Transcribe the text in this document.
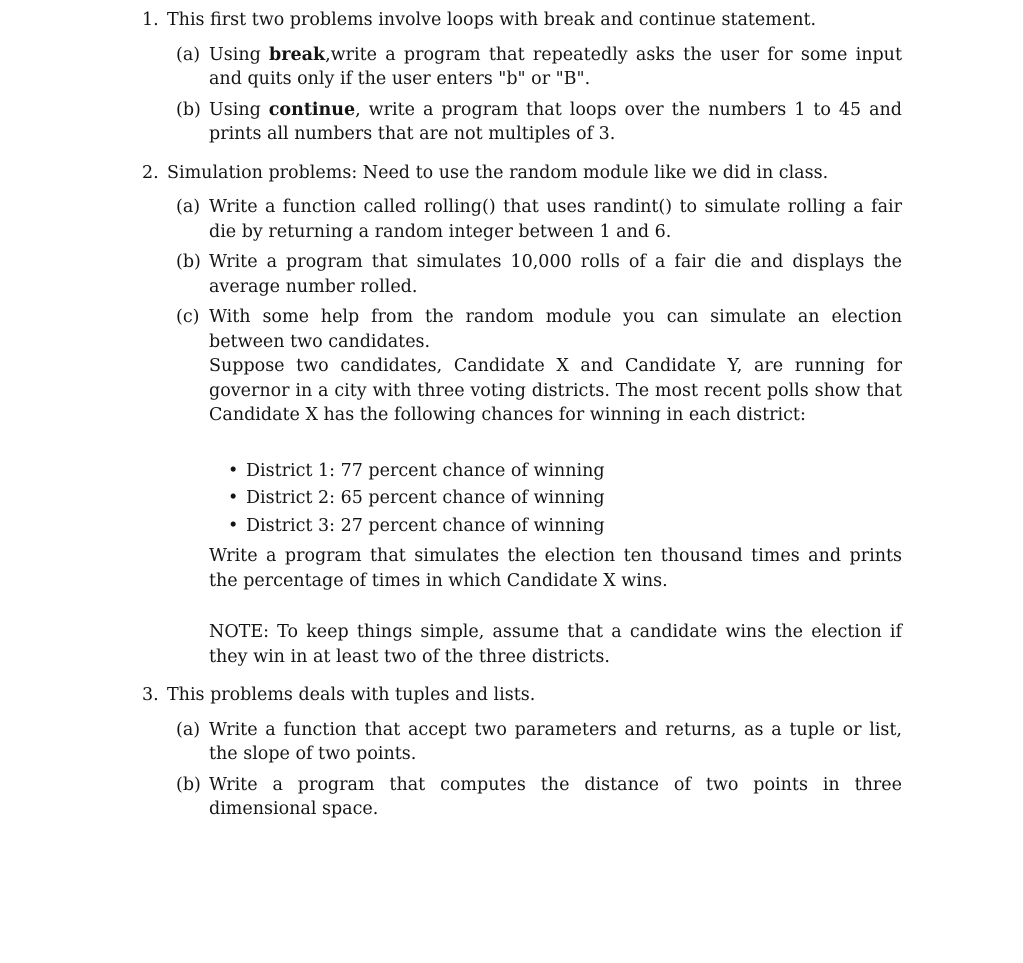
1. This first two problems involve loops with break and continue statement.
(a) Using break,write a program that repeatedly asks the user for some input and quits only if the user enters "b" or "B".
(b) Using continue, write a program that loops over the numbers 1 to 45 and prints all numbers that are not multiples of 3.
2. Simulation problems: Need to use the random module like we did in class.
(a) Write a function called rolling() that uses randint() to simulate rolling a fair die by returning a random integer between 1 and 6.
(b) Write a program that simulates 10,000 rolls of a fair die and displays the average number rolled.
(c) With some help from the random module you can simulate an election between two candidates.
Suppose two candidates, Candidate X and Candidate Y, are running for governor in a city with three voting districts. The most recent polls show that Candidate X has the following chances for winning in each district:
• District 1: 77 percent chance of winning
• District 2: 65 percent chance of winning
• District 3: 27 percent chance of winning
Write a program that simulates the election ten thousand times and prints the percentage of times in which Candidate X wins.
NOTE: To keep things simple, assume that a candidate wins the election if they win in at least two of the three districts.
3. This problems deals with tuples and lists.
(a) Write a function that accept two parameters and returns, as a tuple or list, the slope of two points.
(b) Write a program that computes the distance of two points in three dimensional space.
